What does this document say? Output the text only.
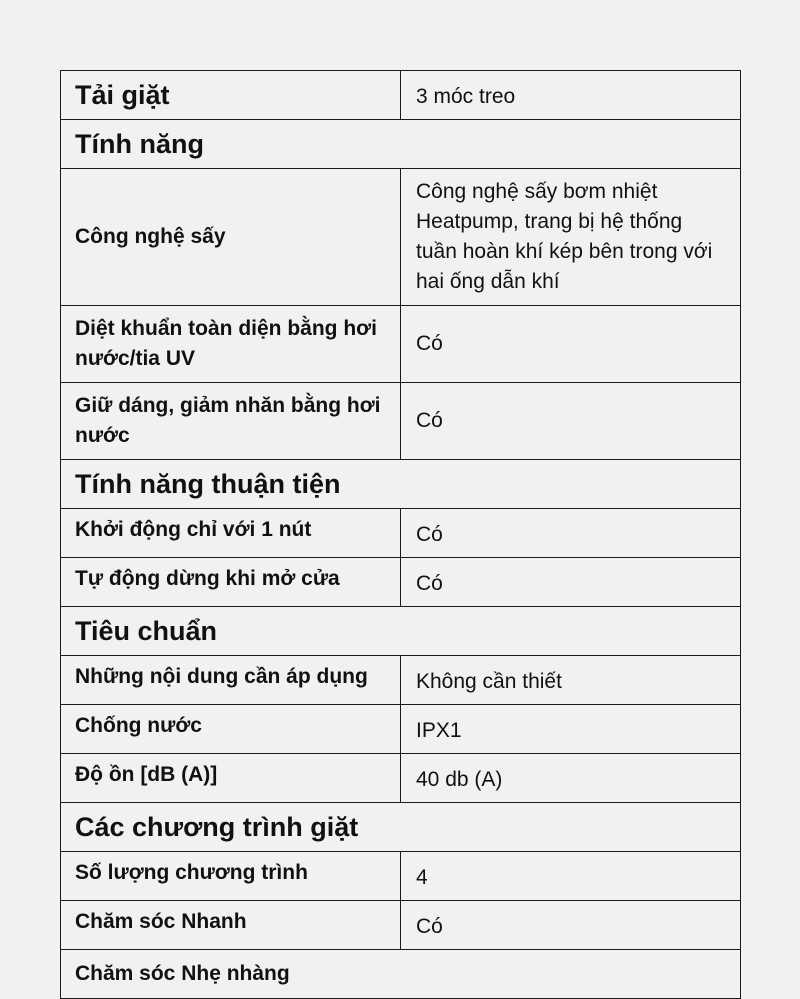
Tải giặt	3 móc treo
Tính năng	
Công nghệ sấy	Công nghệ sấy bơm nhiệt Heatpump, trang bị hệ thống tuần hoàn khí kép bên trong với hai ống dẫn khí
Diệt khuẩn toàn diện bằng hơi nước/tia UV	Có
Giữ dáng, giảm nhăn bằng hơi nước	Có
Tính năng thuận tiện	
Khởi động chỉ với 1 nút	Có
Tự động dừng khi mở cửa	Có
Tiêu chuẩn	
Những nội dung cần áp dụng	Không cần thiết
Chống nước	IPX1
Độ ồn [dB (A)]	40 db (A)
Các chương trình giặt	
Số lượng chương trình	4
Chăm sóc Nhanh	Có
Chăm sóc Nhẹ nhàng	
